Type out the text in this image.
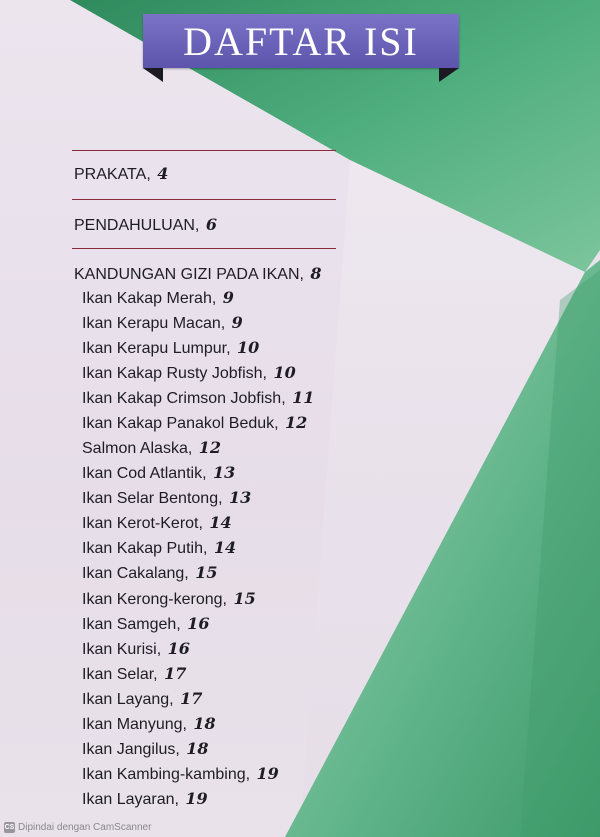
DAFTAR ISI
PRAKATA, 4
PENDAHULUAN, 6
KANDUNGAN GIZI PADA IKAN, 8
Ikan Kakap Merah, 9
Ikan Kerapu Macan, 9
Ikan Kerapu Lumpur, 10
Ikan Kakap Rusty Jobfish, 10
Ikan Kakap Crimson Jobfish, 11
Ikan Kakap Panakol Beduk, 12
Salmon Alaska, 12
Ikan Cod Atlantik, 13
Ikan Selar Bentong, 13
Ikan Kerot-Kerot, 14
Ikan Kakap Putih, 14
Ikan Cakalang, 15
Ikan Kerong-kerong, 15
Ikan Samgeh, 16
Ikan Kurisi, 16
Ikan Selar, 17
Ikan Layang, 17
Ikan Manyung, 18
Ikan Jangilus, 18
Ikan Kambing-kambing, 19
Ikan Layaran, 19
CS Dipindai dengan CamScanner
